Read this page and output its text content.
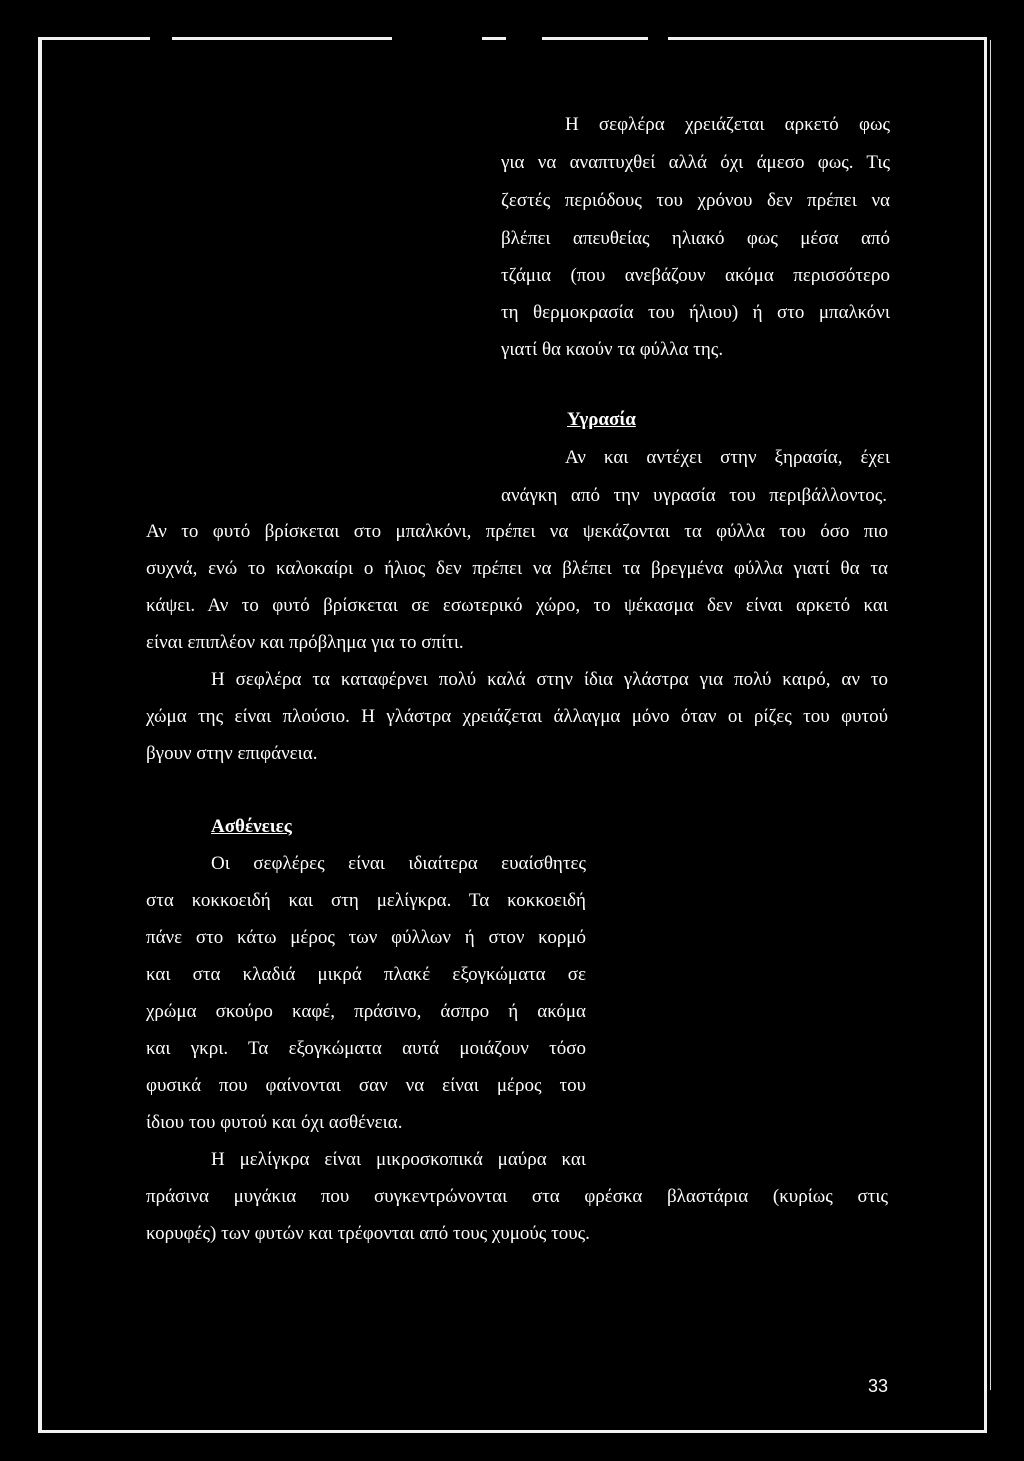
Η σεφλέρα χρειάζεται αρκετό φως
για να αναπτυχθεί αλλά όχι άμεσο φως. Τις
ζεστές περιόδους του χρόνου δεν πρέπει να
βλέπει απευθείας ηλιακό φως μέσα από
τζάμια (που ανεβάζουν ακόμα περισσότερο
τη θερμοκρασία του ήλιου) ή στο μπαλκόνι
γιατί θα καούν τα φύλλα της.
Υγρασία
Αν και αντέχει στην ξηρασία, έχει
ανάγκη από την υγρασία του περιβάλλοντος.
Αν το φυτό βρίσκεται στο μπαλκόνι, πρέπει να ψεκάζονται τα φύλλα του όσο πιο
συχνά, ενώ το καλοκαίρι ο ήλιος δεν πρέπει να βλέπει τα βρεγμένα φύλλα γιατί θα τα
κάψει. Αν το φυτό βρίσκεται σε εσωτερικό χώρο, το ψέκασμα δεν είναι αρκετό και
είναι επιπλέον και πρόβλημα για το σπίτι.
Η σεφλέρα τα καταφέρνει πολύ καλά στην ίδια γλάστρα για πολύ καιρό, αν το
χώμα της είναι πλούσιο. Η γλάστρα χρειάζεται άλλαγμα μόνο όταν οι ρίζες του φυτού
βγουν στην επιφάνεια.
Ασθένειες
Οι σεφλέρες είναι ιδιαίτερα ευαίσθητες
στα κοκκοειδή και στη μελίγκρα. Τα κοκκοειδή
πάνε στο κάτω μέρος των φύλλων ή στον κορμό
και στα κλαδιά μικρά πλακέ εξογκώματα σε
χρώμα σκούρο καφέ, πράσινο, άσπρο ή ακόμα
και γκρι. Τα εξογκώματα αυτά μοιάζουν τόσο
φυσικά που φαίνονται σαν να είναι μέρος του
ίδιου του φυτού και όχι ασθένεια.
Η μελίγκρα είναι μικροσκοπικά μαύρα και
πράσινα μυγάκια που συγκεντρώνονται στα φρέσκα βλαστάρια (κυρίως στις
κορυφές) των φυτών και τρέφονται από τους χυμούς τους.
33
